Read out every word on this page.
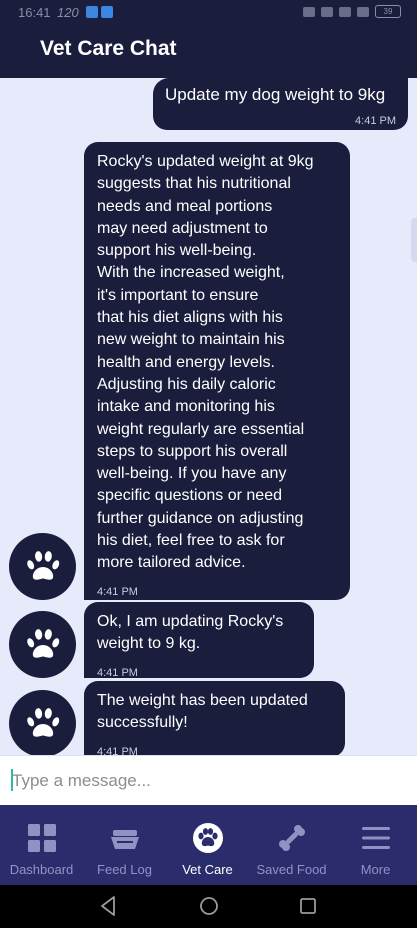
16:41 120	39
Vet Care Chat
Update my dog weight to 9kg
4:41 PM
Rocky's updated weight at 9kg
suggests that his nutritional
needs and meal portions
may need adjustment to
support his well-being.
With the increased weight,
it's important to ensure
that his diet aligns with his
new weight to maintain his
health and energy levels.
Adjusting his daily caloric
intake and monitoring his
weight regularly are essential
steps to support his overall
well-being. If you have any
specific questions or need
further guidance on adjusting
his diet, feel free to ask for
more tailored advice.
4:41 PM
Ok, I am updating Rocky's
weight to 9 kg.
4:41 PM
The weight has been updated
successfully!
4:41 PM
Type a message...
Dashboard	Feed Log	Vet Care	Saved Food	More
